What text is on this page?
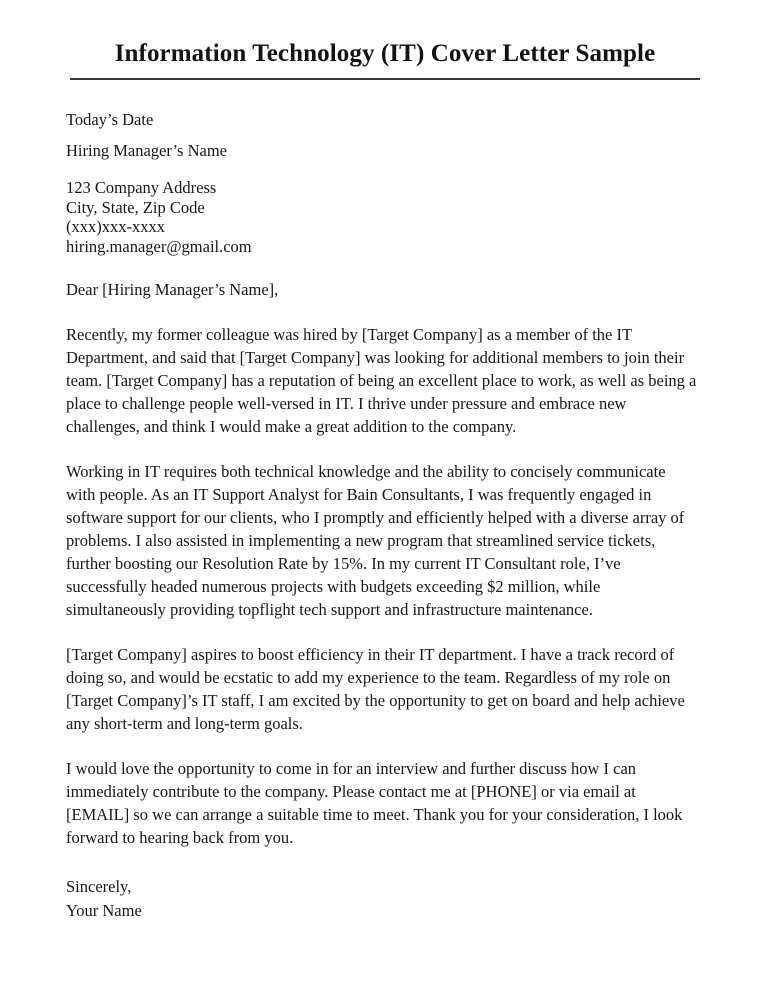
Information Technology (IT) Cover Letter Sample
Today’s Date
Hiring Manager’s Name
123 Company Address
City, State, Zip Code
(xxx)xxx-xxxx
hiring.manager@gmail.com
Dear [Hiring Manager’s Name],

Recently, my former colleague was hired by [Target Company] as a member of the IT Department, and said that [Target Company] was looking for additional members to join their team. [Target Company] has a reputation of being an excellent place to work, as well as being a place to challenge people well-versed in IT. I thrive under pressure and embrace new challenges, and think I would make a great addition to the company.

Working in IT requires both technical knowledge and the ability to concisely communicate with people. As an IT Support Analyst for Bain Consultants, I was frequently engaged in software support for our clients, who I promptly and efficiently helped with a diverse array of problems. I also assisted in implementing a new program that streamlined service tickets, further boosting our Resolution Rate by 15%. In my current IT Consultant role, I’ve successfully headed numerous projects with budgets exceeding $2 million, while simultaneously providing topflight tech support and infrastructure maintenance.

[Target Company] aspires to boost efficiency in their IT department. I have a track record of doing so, and would be ecstatic to add my experience to the team. Regardless of my role on [Target Company]’s IT staff, I am excited by the opportunity to get on board and help achieve any short-term and long-term goals.

I would love the opportunity to come in for an interview and further discuss how I can immediately contribute to the company. Please contact me at [PHONE] or via email at [EMAIL] so we can arrange a suitable time to meet. Thank you for your consideration, I look forward to hearing back from you.

Sincerely,
Your Name
